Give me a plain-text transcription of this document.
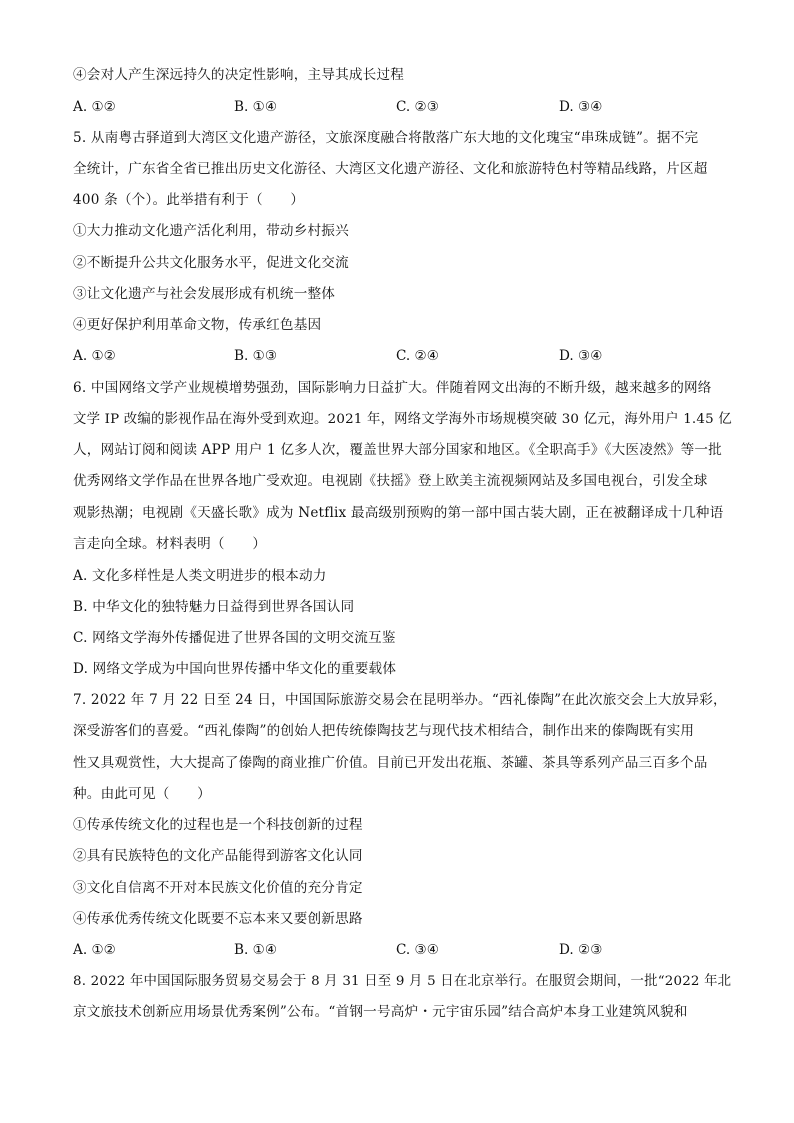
④会对人产生深远持久的决定性影响，主导其成长过程
A. ①②	B. ①④	C. ②③	D. ③④
5. 从南粤古驿道到大湾区文化遗产游径，文旅深度融合将散落广东大地的文化瑰宝“串珠成链”。据不完
全统计，广东省全省已推出历史文化游径、大湾区文化遗产游径、文化和旅游特色村等精品线路，片区超
400 条（个）。此举措有利于（　　）
①大力推动文化遗产活化利用，带动乡村振兴
②不断提升公共文化服务水平，促进文化交流
③让文化遗产与社会发展形成有机统一整体
④更好保护利用革命文物，传承红色基因
A. ①②	B. ①③	C. ②④	D. ③④
6. 中国网络文学产业规模增势强劲，国际影响力日益扩大。伴随着网文出海的不断升级，越来越多的网络
文学 IP 改编的影视作品在海外受到欢迎。2021 年，网络文学海外市场规模突破 30 亿元，海外用户 1.45 亿
人，网站订阅和阅读 APP 用户 1 亿多人次，覆盖世界大部分国家和地区。《全职高手》《大医凌然》等一批
优秀网络文学作品在世界各地广受欢迎。电视剧《扶摇》登上欧美主流视频网站及多国电视台，引发全球
观影热潮；电视剧《天盛长歌》成为 Netflix 最高级别预购的第一部中国古装大剧，正在被翻译成十几种语
言走向全球。材料表明（　　）
A. 文化多样性是人类文明进步的根本动力
B. 中华文化的独特魅力日益得到世界各国认同
C. 网络文学海外传播促进了世界各国的文明交流互鉴
D. 网络文学成为中国向世界传播中华文化的重要载体
7. 2022 年 7 月 22 日至 24 日，中国国际旅游交易会在昆明举办。“西礼傣陶”在此次旅交会上大放异彩，
深受游客们的喜爱。“西礼傣陶”的创始人把传统傣陶技艺与现代技术相结合，制作出来的傣陶既有实用
性又具观赏性，大大提高了傣陶的商业推广价值。目前已开发出花瓶、茶罐、茶具等系列产品三百多个品
种。由此可见（　　）
①传承传统文化的过程也是一个科技创新的过程
②具有民族特色的文化产品能得到游客文化认同
③文化自信离不开对本民族文化价值的充分肯定
④传承优秀传统文化既要不忘本来又要创新思路
A. ①②	B. ①④	C. ③④	D. ②③
8. 2022 年中国国际服务贸易交易会于 8 月 31 日至 9 月 5 日在北京举行。在服贸会期间，一批“2022 年北
京文旅技术创新应用场景优秀案例”公布。“首钢一号高炉・元宇宙乐园”结合高炉本身工业建筑风貌和
